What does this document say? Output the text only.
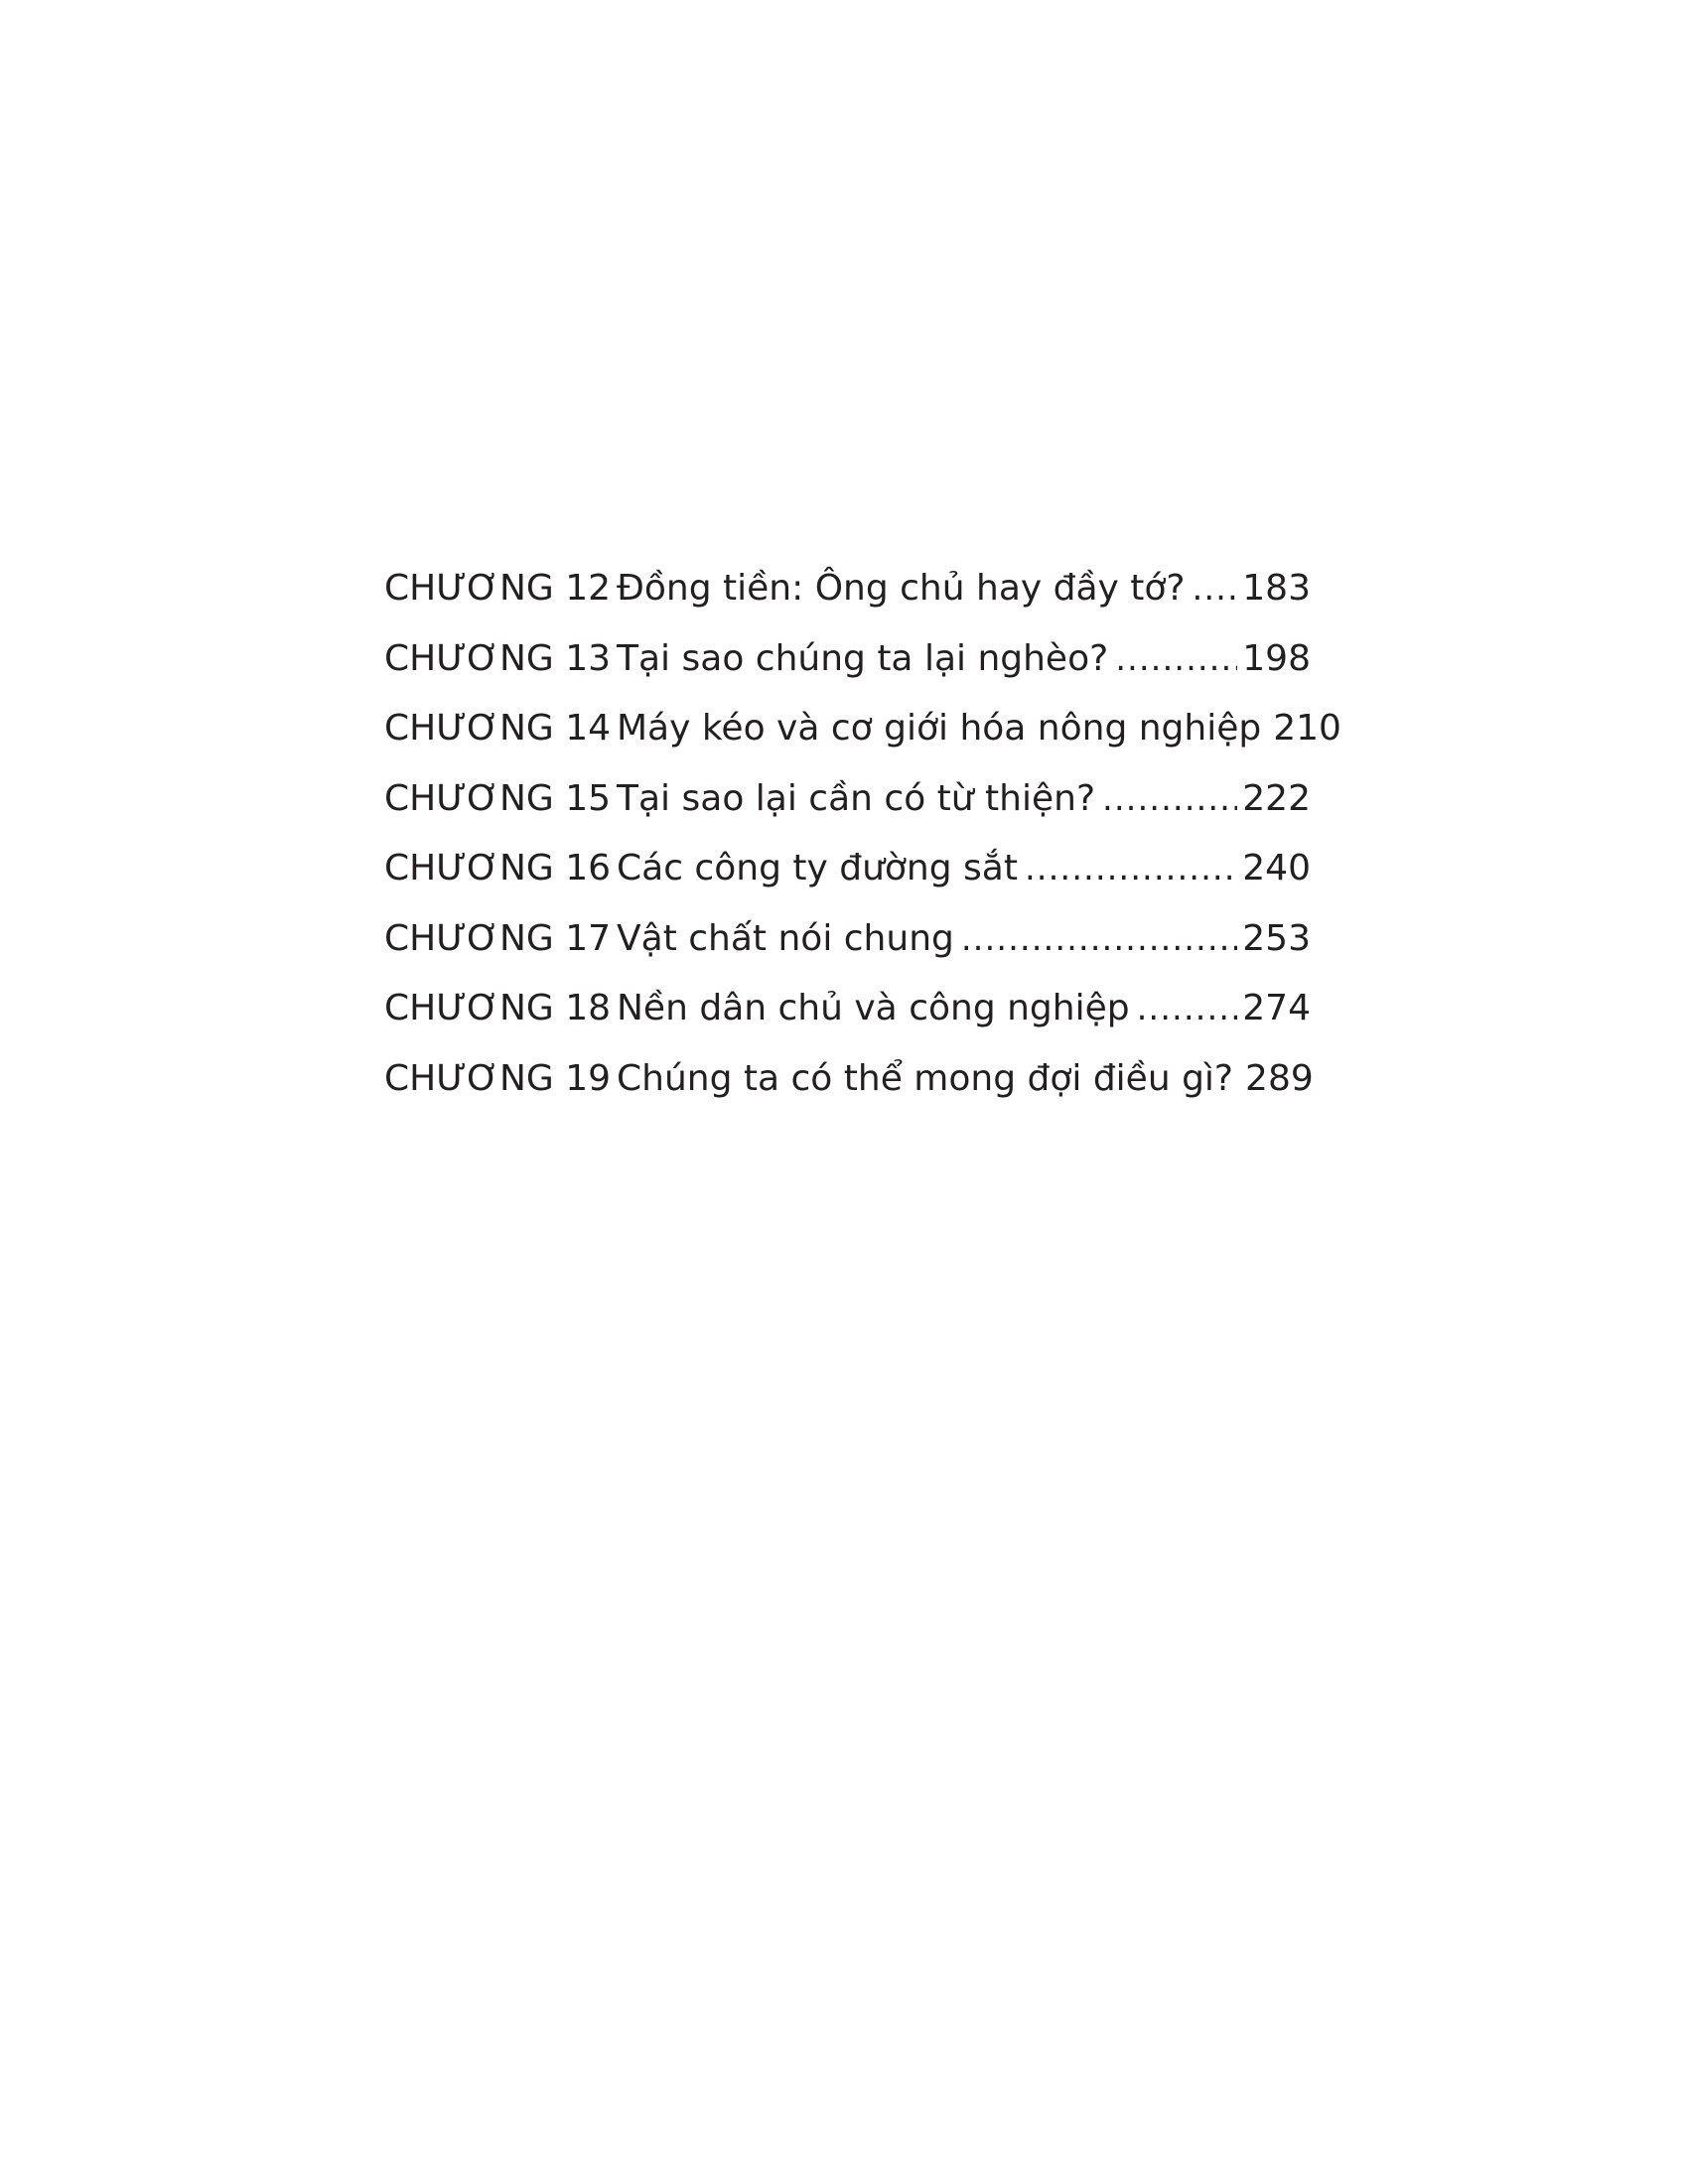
CHƯƠNG 12 Đồng tiền: Ông chủ hay đầy tớ? ..... 183
CHƯƠNG 13 Tại sao chúng ta lại nghèo? .....	198
CHƯƠNG 14 Máy kéo và cơ giới hóa nông nghiệp 210
CHƯƠNG 15 Tại sao lại cần có từ thiện? .....	222
CHƯƠNG 16 Các công ty đường sắt .....	240
CHƯƠNG 17 Vật chất nói chung .....	253
CHƯƠNG 18 Nền dân chủ và công nghiệp .....	274
CHƯƠNG 19 Chúng ta có thể mong đợi điều gì? 289
